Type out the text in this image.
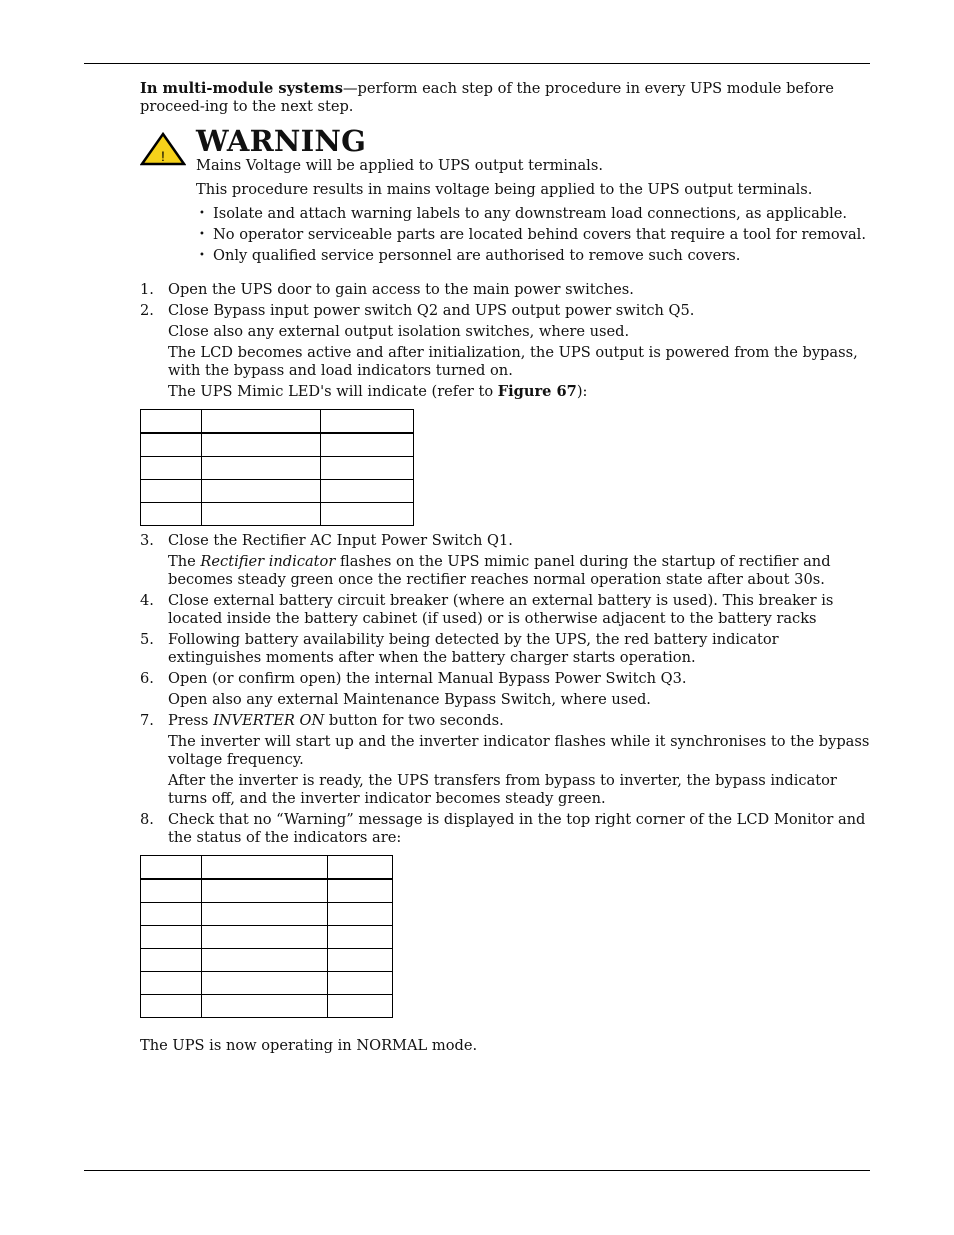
In multi-module systems—perform each step of the procedure in every UPS module before proceed-ing to the next step.

! WARNING

Mains Voltage will be applied to UPS output terminals.

This procedure results in mains voltage being applied to the UPS output terminals.

• Isolate and attach warning labels to any downstream load connections, as applicable.
• No operator serviceable parts are located behind covers that require a tool for removal.
• Only qualified service personnel are authorised to remove such covers.
1. Open the UPS door to gain access to the main power switches.

2. Close Bypass input power switch Q2 and UPS output power switch Q5.

Close also any external output isolation switches, where used.

The LCD becomes active and after initialization, the UPS output is powered from the bypass, with the bypass and load indicators turned on.

The UPS Mimic LED's will indicate (refer to Figure 67):

3. Close the Rectifier AC Input Power Switch Q1.

The Rectifier indicator flashes on the UPS mimic panel during the startup of rectifier and becomes steady green once the rectifier reaches normal operation state after about 30s.

4. Close external battery circuit breaker (where an external battery is used). This breaker is located inside the battery cabinet (if used) or is otherwise adjacent to the battery racks

5. Following battery availability being detected by the UPS, the red battery indicator extinguishes moments after when the battery charger starts operation.

6. Open (or confirm open) the internal Manual Bypass Power Switch Q3.

Open also any external Maintenance Bypass Switch, where used.

7. Press INVERTER ON button for two seconds.

The inverter will start up and the inverter indicator flashes while it synchronises to the bypass voltage frequency.

After the inverter is ready, the UPS transfers from bypass to inverter, the bypass indicator turns off, and the inverter indicator becomes steady green.

8. Check that no “Warning” message is displayed in the top right corner of the LCD Monitor and the status of the indicators are:

The UPS is now operating in NORMAL mode.
